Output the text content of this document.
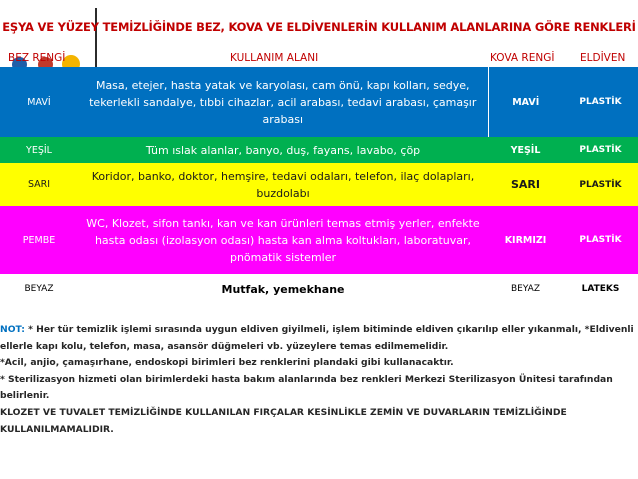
EŞYA VE YÜZEY TEMİZLİĞİNDE BEZ, KOVA VE ELDİVENLERİN KULLANIM ALANLARINA GÖRE RENKLERİ
BEZ RENGİ	KULLANIM ALANI	KOVA RENGİ ELDİVEN
MAVİ	Masa, etejer, hasta yatak ve karyolası, cam önü, kapı kolları, sedye, tekerlekli sandalye, tıbbi cihazlar, acil arabası, tedavi arabası, çamaşır arabası	MAVİ	PLASTİK
YEŞİL	Tüm ıslak alanlar, banyo, duş, fayans, lavabo, çöp	YEŞİL	PLASTİK
SARI	Koridor, banko, doktor, hemşire, tedavi odaları, telefon, ilaç dolapları, buzdolabı	SARI	PLASTİK
PEMBE	WC, Klozet, sifon tankı, kan ve kan ürünleri temas etmiş yerler, enfekte hasta odası (izolasyon odası) hasta kan alma koltukları, laboratuvar, pnömatik sistemler	KIRMIZI	PLASTİK
BEYAZ	Mutfak, yemekhane	BEYAZ	LATEKS
NOT: * Her tür temizlik işlemi sırasında uygun eldiven giyilmeli, işlem bitiminde eldiven çıkarılıp eller yıkanmalı, *Eldivenli ellerle kapı kolu, telefon, masa, asansör düğmeleri vb. yüzeylere temas edilmemelidir.
*Acil, anjio, çamaşırhane, endoskopi birimleri bez renklerini plandaki gibi kullanacaktır.
* Sterilizasyon hizmeti olan birimlerdeki hasta bakım alanlarında bez renkleri Merkezi Sterilizasyon Ünitesi tarafından belirlenir.
KLOZET VE TUVALET TEMİZLİĞİNDE KULLANILAN FIRÇALAR KESİNLİKLE ZEMİN VE DUVARLARIN TEMİZLİĞİNDE KULLANILMAMALIDIR.
